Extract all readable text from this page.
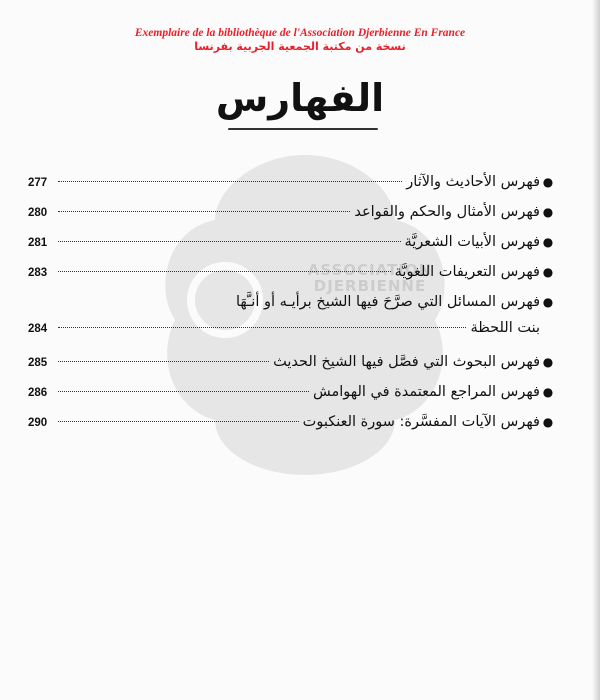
Exemplaire de la bibliothèque de l'Association Djerbienne En France
نسخة من مكتبة الجمعية الجربية بفرنسا
ASSOCIATION
DJERBIENNE
الفهارس
●
فهرس الأحاديث والآثار
277
●
فهرس الأمثال والحكم والقواعد
280
●
فهرس الأبيات الشعريَّة
281
●
فهرس التعريفات اللغويَّة
283
●
فهرس المسائل التي صرَّحَ فيها الشيخ برأيـه أو أنـَّهَا
بنت اللحظة
284
●
فهرس البحوث التي فصَّل فيها الشيخ الحديث
285
●
فهرس المراجع المعتمدة في الهوامش
286
●
فهرس الآيات المفسَّرة: سورة العنكبوت
290
